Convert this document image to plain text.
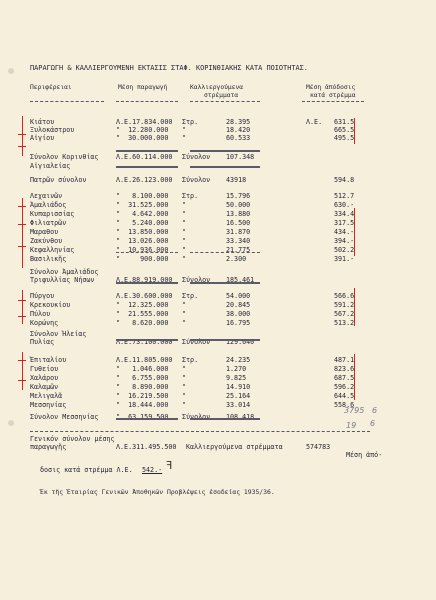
ΠΑΡΑΓΩΓΗ & ΚΑΛΛΙΕΡΓΟΥΜΕΝΗ ΕΚΤΑΣΙΣ ΣΤΑΦ. ΚΟΡΙΝΘΙΑΚΗΣ ΚΑΤΑ ΠΟΙΟΤΗΤΑΣ.
Περιφέρειαι	Μέση παραγωγή	Καλλιεργούμενα
στρέμματα
Μέση ἀπόδοσις
κατά στρέμμα
Κιάτου	Λ.Ε.17.834.000 Στρ.	28.395	Λ.Ε. 631.5
Ξυλοκάστρου	"  12.280.000 "	18.420	665.5
Αἰγίου	"  30.000.000 "	60.533	495.5
Σύνολον Κορινθίας	Λ.Ε.60.114.000 Σύνολον 107.348
Αἰγιαλείας
Πατρῶν σύνολον	Λ.Ε.26.123.000 Σύνολον 43918	594.8
Λεχαινῶν	"   8.100.000 Στρ.	15.796	512.7
Ἀμαλιάδος	"  31.525.000 "	50.000	630.-
Κυπαρισσίας	"   4.642.000 "	13.880	334.4
Φιλιατρῶν	"   5.240.000 "	16.500	317.5
Μαραθου	"  13.850.000 "	31.870	434.-
Ζακύνθου	"  13.026.000 "	33.340	394.-
Κεφαλληνίας	"  10.936.000 "	21.775	502.2
Βασιλικῆς	"     900.000 "	2.300	391.-
Σύνολον Ἀμαλιάδος
Τριφυλλίας Νήσων	Λ.Ε.88.919.000 Σύνολον 185.461
Πύργου	Λ.Ε.30.600.000 Στρ.	54.000	566.6
Κρεκουκίου	"  12.325.000 "	20.845	591.2
Πύλου	"  21.555.000 "	38.000	567.2
Κορώνης	"   8.620.000 "	16.795	513.2
Σύνολον Ἠλείας
Πυλίας	Λ.Ε.73.100.000 Σύνολον 129.640
Ἐπιταλίου	Λ.Ε.11.805.000 Στρ.	24.235	487.1
Γυθείου	"   1.046.000 "	1.270	823.6
Χαλάρου	"   6.755.000 "	9.825	687.5
Καλαμῶν	"   8.890.000 "	14.910	596.2
Μελιγαλᾶ	"  16.219.500 "	25.164	644.5
Μεσσηνίας	"  18.444.000 "	33.014	558.6
Σύνολον Μεσσηνίας	"  63.159.500 Σύνολον 108.418
Γενικόν σύνολον μέσης
παραγωγῆς	Λ.Ε.311.495.500 Καλλιεργούμενα στρέμματα	574783
Μέση ἀπό-
δοσις κατά στρέμμα Λ.Ε. 542.- ꟻ
Ἐκ τῆς Ἑταιρίας Γενικῶν Ἀποθηκῶν Προβλέψεις ἐσοδείας 1935/36.
3795 6
19 6
